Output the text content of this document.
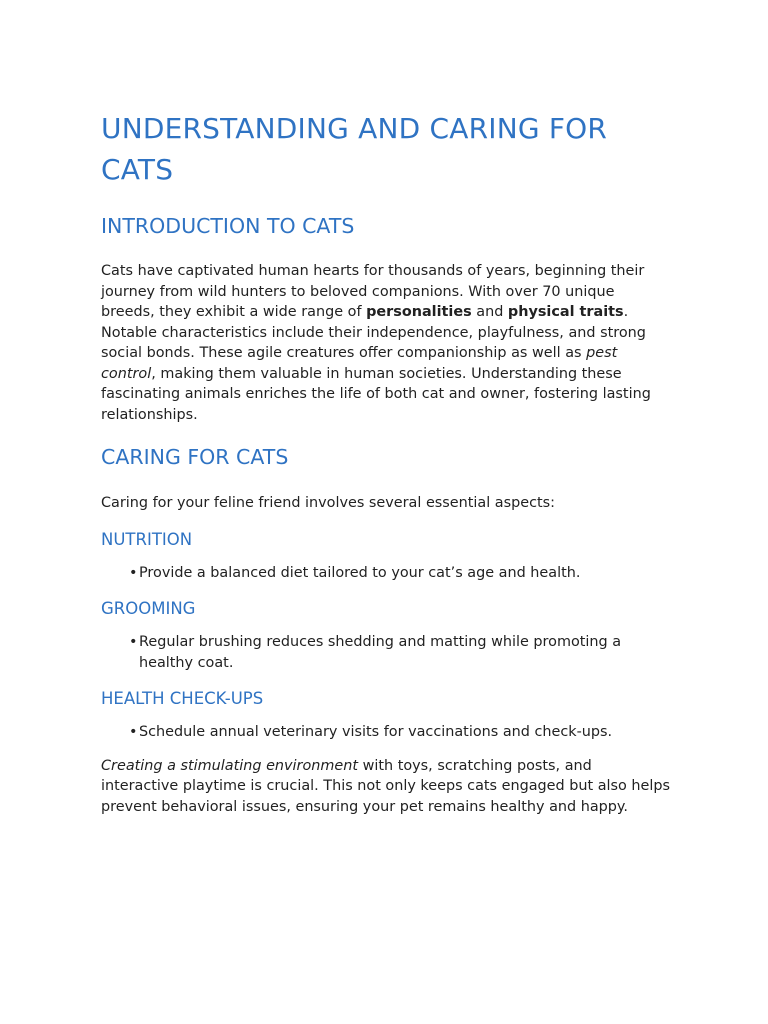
UNDERSTANDING AND CARING FOR CATS
INTRODUCTION TO CATS

Cats have captivated human hearts for thousands of years, beginning their journey from wild hunters to beloved companions. With over 70 unique breeds, they exhibit a wide range of personalities and physical traits. Notable characteristics include their independence, playfulness, and strong social bonds. These agile creatures offer companionship as well as pest control, making them valuable in human societies. Understanding these fascinating animals enriches the life of both cat and owner, fostering lasting relationships.

CARING FOR CATS

Caring for your feline friend involves several essential aspects:

NUTRITION
• Provide a balanced diet tailored to your cat’s age and health.
GROOMING
• Regular brushing reduces shedding and matting while promoting a healthy coat.
HEALTH CHECK-UPS
• Schedule annual veterinary visits for vaccinations and check-ups.

Creating a stimulating environment with toys, scratching posts, and interactive playtime is crucial. This not only keeps cats engaged but also helps prevent behavioral issues, ensuring your pet remains healthy and happy.
